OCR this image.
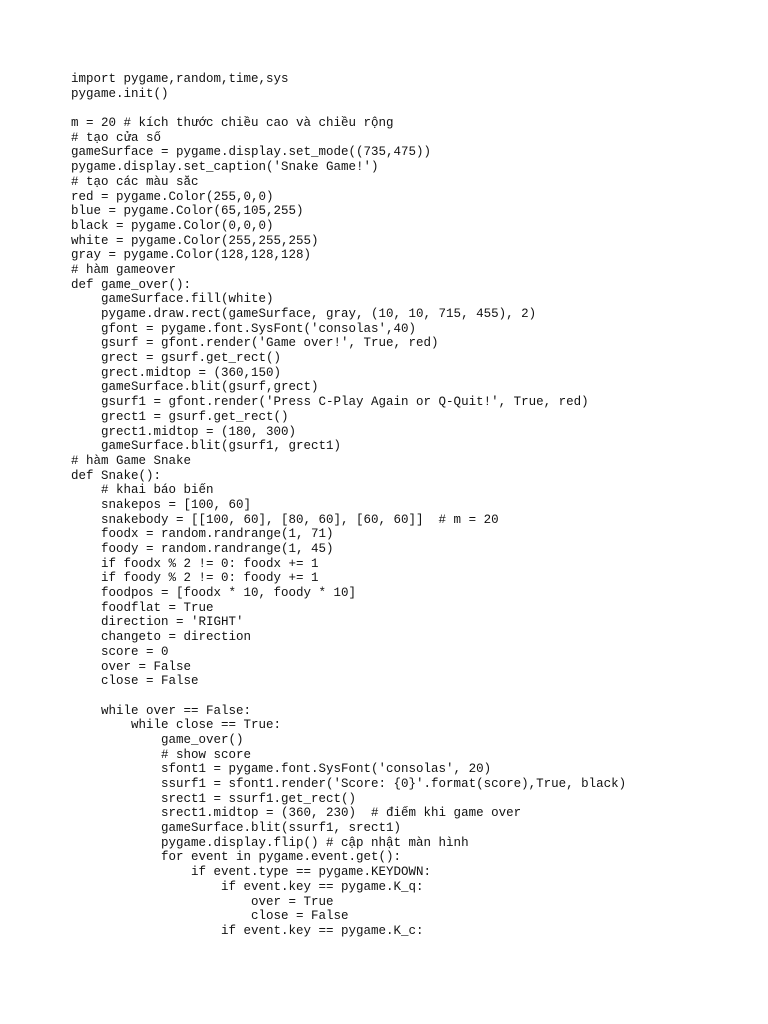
import pygame,random,time,sys
pygame.init()
m = 20 # kích thước chiều cao và chiều rộng
# tạo cửa sổ
gameSurface = pygame.display.set_mode((735,475))
pygame.display.set_caption('Snake Game!')
# tạo các màu sắc
red = pygame.Color(255,0,0)
blue = pygame.Color(65,105,255)
black = pygame.Color(0,0,0)
white = pygame.Color(255,255,255)
gray = pygame.Color(128,128,128)
# hàm gameover
def game_over():
gameSurface.fill(white)
pygame.draw.rect(gameSurface, gray, (10, 10, 715, 455), 2)
gfont = pygame.font.SysFont('consolas',40)
gsurf = gfont.render('Game over!', True, red)
grect = gsurf.get_rect()
grect.midtop = (360,150)
gameSurface.blit(gsurf,grect)
gsurf1 = gfont.render('Press C-Play Again or Q-Quit!', True, red)
grect1 = gsurf.get_rect()
grect1.midtop = (180, 300)
gameSurface.blit(gsurf1, grect1)
# hàm Game Snake
def Snake():
# khai báo biến
snakepos = [100, 60]
snakebody = [[100, 60], [80, 60], [60, 60]]  # m = 20
foodx = random.randrange(1, 71)
foody = random.randrange(1, 45)
if foodx % 2 != 0: foodx += 1
if foody % 2 != 0: foody += 1
foodpos = [foodx * 10, foody * 10]
foodflat = True
direction = 'RIGHT'
changeto = direction
score = 0
over = False
close = False
while over == False:
while close == True:
game_over()
# show score
sfont1 = pygame.font.SysFont('consolas', 20)
ssurf1 = sfont1.render('Score: {0}'.format(score),True, black)
srect1 = ssurf1.get_rect()
srect1.midtop = (360, 230)  # điểm khi game over
gameSurface.blit(ssurf1, srect1)
pygame.display.flip() # cập nhật màn hình
for event in pygame.event.get():
if event.type == pygame.KEYDOWN:
if event.key == pygame.K_q:
over = True
close = False
if event.key == pygame.K_c:
